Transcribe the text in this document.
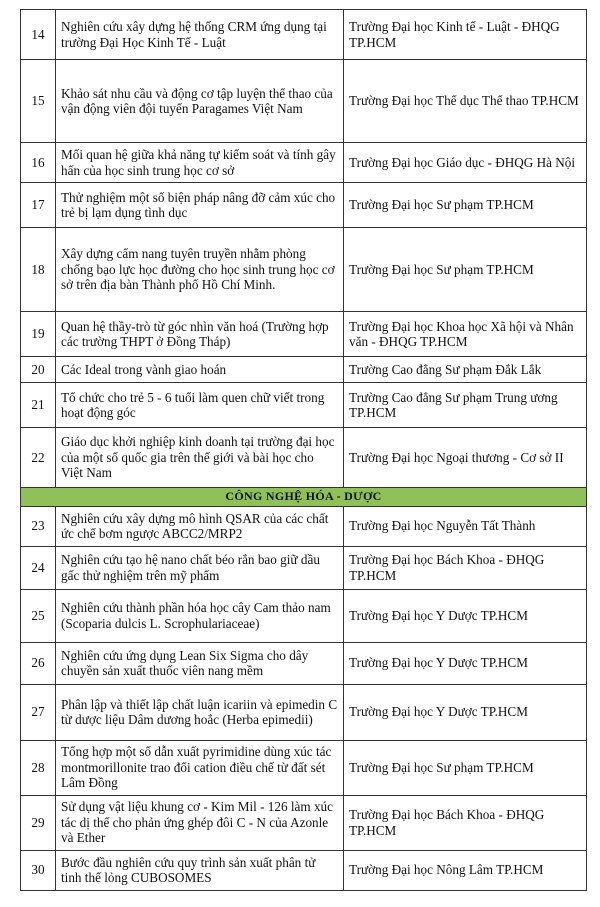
14	Nghiên cứu xây dựng hệ thống CRM ứng dụng tại trường Đại Học Kinh Tế - Luật	Trường Đại học Kinh tế - Luật - ĐHQG TP.HCM
15	Khảo sát nhu cầu và động cơ tập luyện thể thao của vận động viên đội tuyển Paragames Việt Nam	Trường Đại học Thể dục Thể thao TP.HCM
16	Mối quan hệ giữa khả năng tự kiểm soát và tính gây hấn của học sinh trung học cơ sở	Trường Đại học Giáo dục - ĐHQG Hà Nội
17	Thử nghiệm một số biện pháp nâng đỡ cảm xúc cho trẻ bị lạm dụng tình dục	Trường Đại học Sư phạm TP.HCM
18	Xây dựng cẩm nang tuyên truyền nhằm phòng chống bạo lực học đường cho học sinh trung học cơ sở trên địa bàn Thành phố Hồ Chí Minh.	Trường Đại học Sư phạm TP.HCM
19	Quan hệ thầy-trò từ góc nhìn văn hoá (Trường hợp các trường THPT ở Đồng Tháp)	Trường Đại học Khoa học Xã hội và Nhân văn - ĐHQG TP.HCM
20	Các Ideal trong vành giao hoán	Trường Cao đẳng Sư phạm Đắk Lắk
21	Tổ chức cho trẻ 5 - 6 tuổi làm quen chữ viết trong hoạt động góc	Trường Cao đẳng Sư phạm Trung ương TP.HCM
22	Giáo dục khởi nghiệp kinh doanh tại trường đại học của một số quốc gia trên thế giới và bài học cho Việt Nam	Trường Đại học Ngoại thương - Cơ sở II
CÔNG NGHỆ HÓA - DƯỢC		
23	Nghiên cứu xây dựng mô hình QSAR của các chất ức chế bơm ngược ABCC2/MRP2	Trường Đại học Nguyễn Tất Thành
24	Nghiên cứu tạo hệ nano chất béo rắn bao giữ dầu gấc thử nghiệm trên mỹ phẩm	Trường Đại học Bách Khoa - ĐHQG TP.HCM
25	Nghiên cứu thành phần hóa học cây Cam thảo nam (Scoparia dulcis L. Scrophulariaceae)	Trường Đại học Y Dược TP.HCM
26	Nghiên cứu ứng dụng Lean Six Sigma cho dây chuyền sản xuất thuốc viên nang mềm	Trường Đại học Y Dược TP.HCM
27	Phân lập và thiết lập chất luận icariin và epimedin C từ dược liệu Dâm dương hoắc (Herba epimedii)	Trường Đại học Y Dược TP.HCM
28	Tổng hợp một số dẫn xuất pyrimidine dùng xúc tác montmorillonite trao đổi cation điều chế từ đất sét Lâm Đồng	Trường Đại học Sư phạm TP.HCM
29	Sử dụng vật liệu khung cơ - Kim Mil - 126 làm xúc tác dị thể cho phản ứng ghép đôi C - N của Azonle và Ether	Trường Đại học Bách Khoa - ĐHQG TP.HCM
30	Bước đầu nghiên cứu quy trình sản xuất phân tử tinh thể lỏng CUBOSOMES	Trường Đại học Nông Lâm TP.HCM
